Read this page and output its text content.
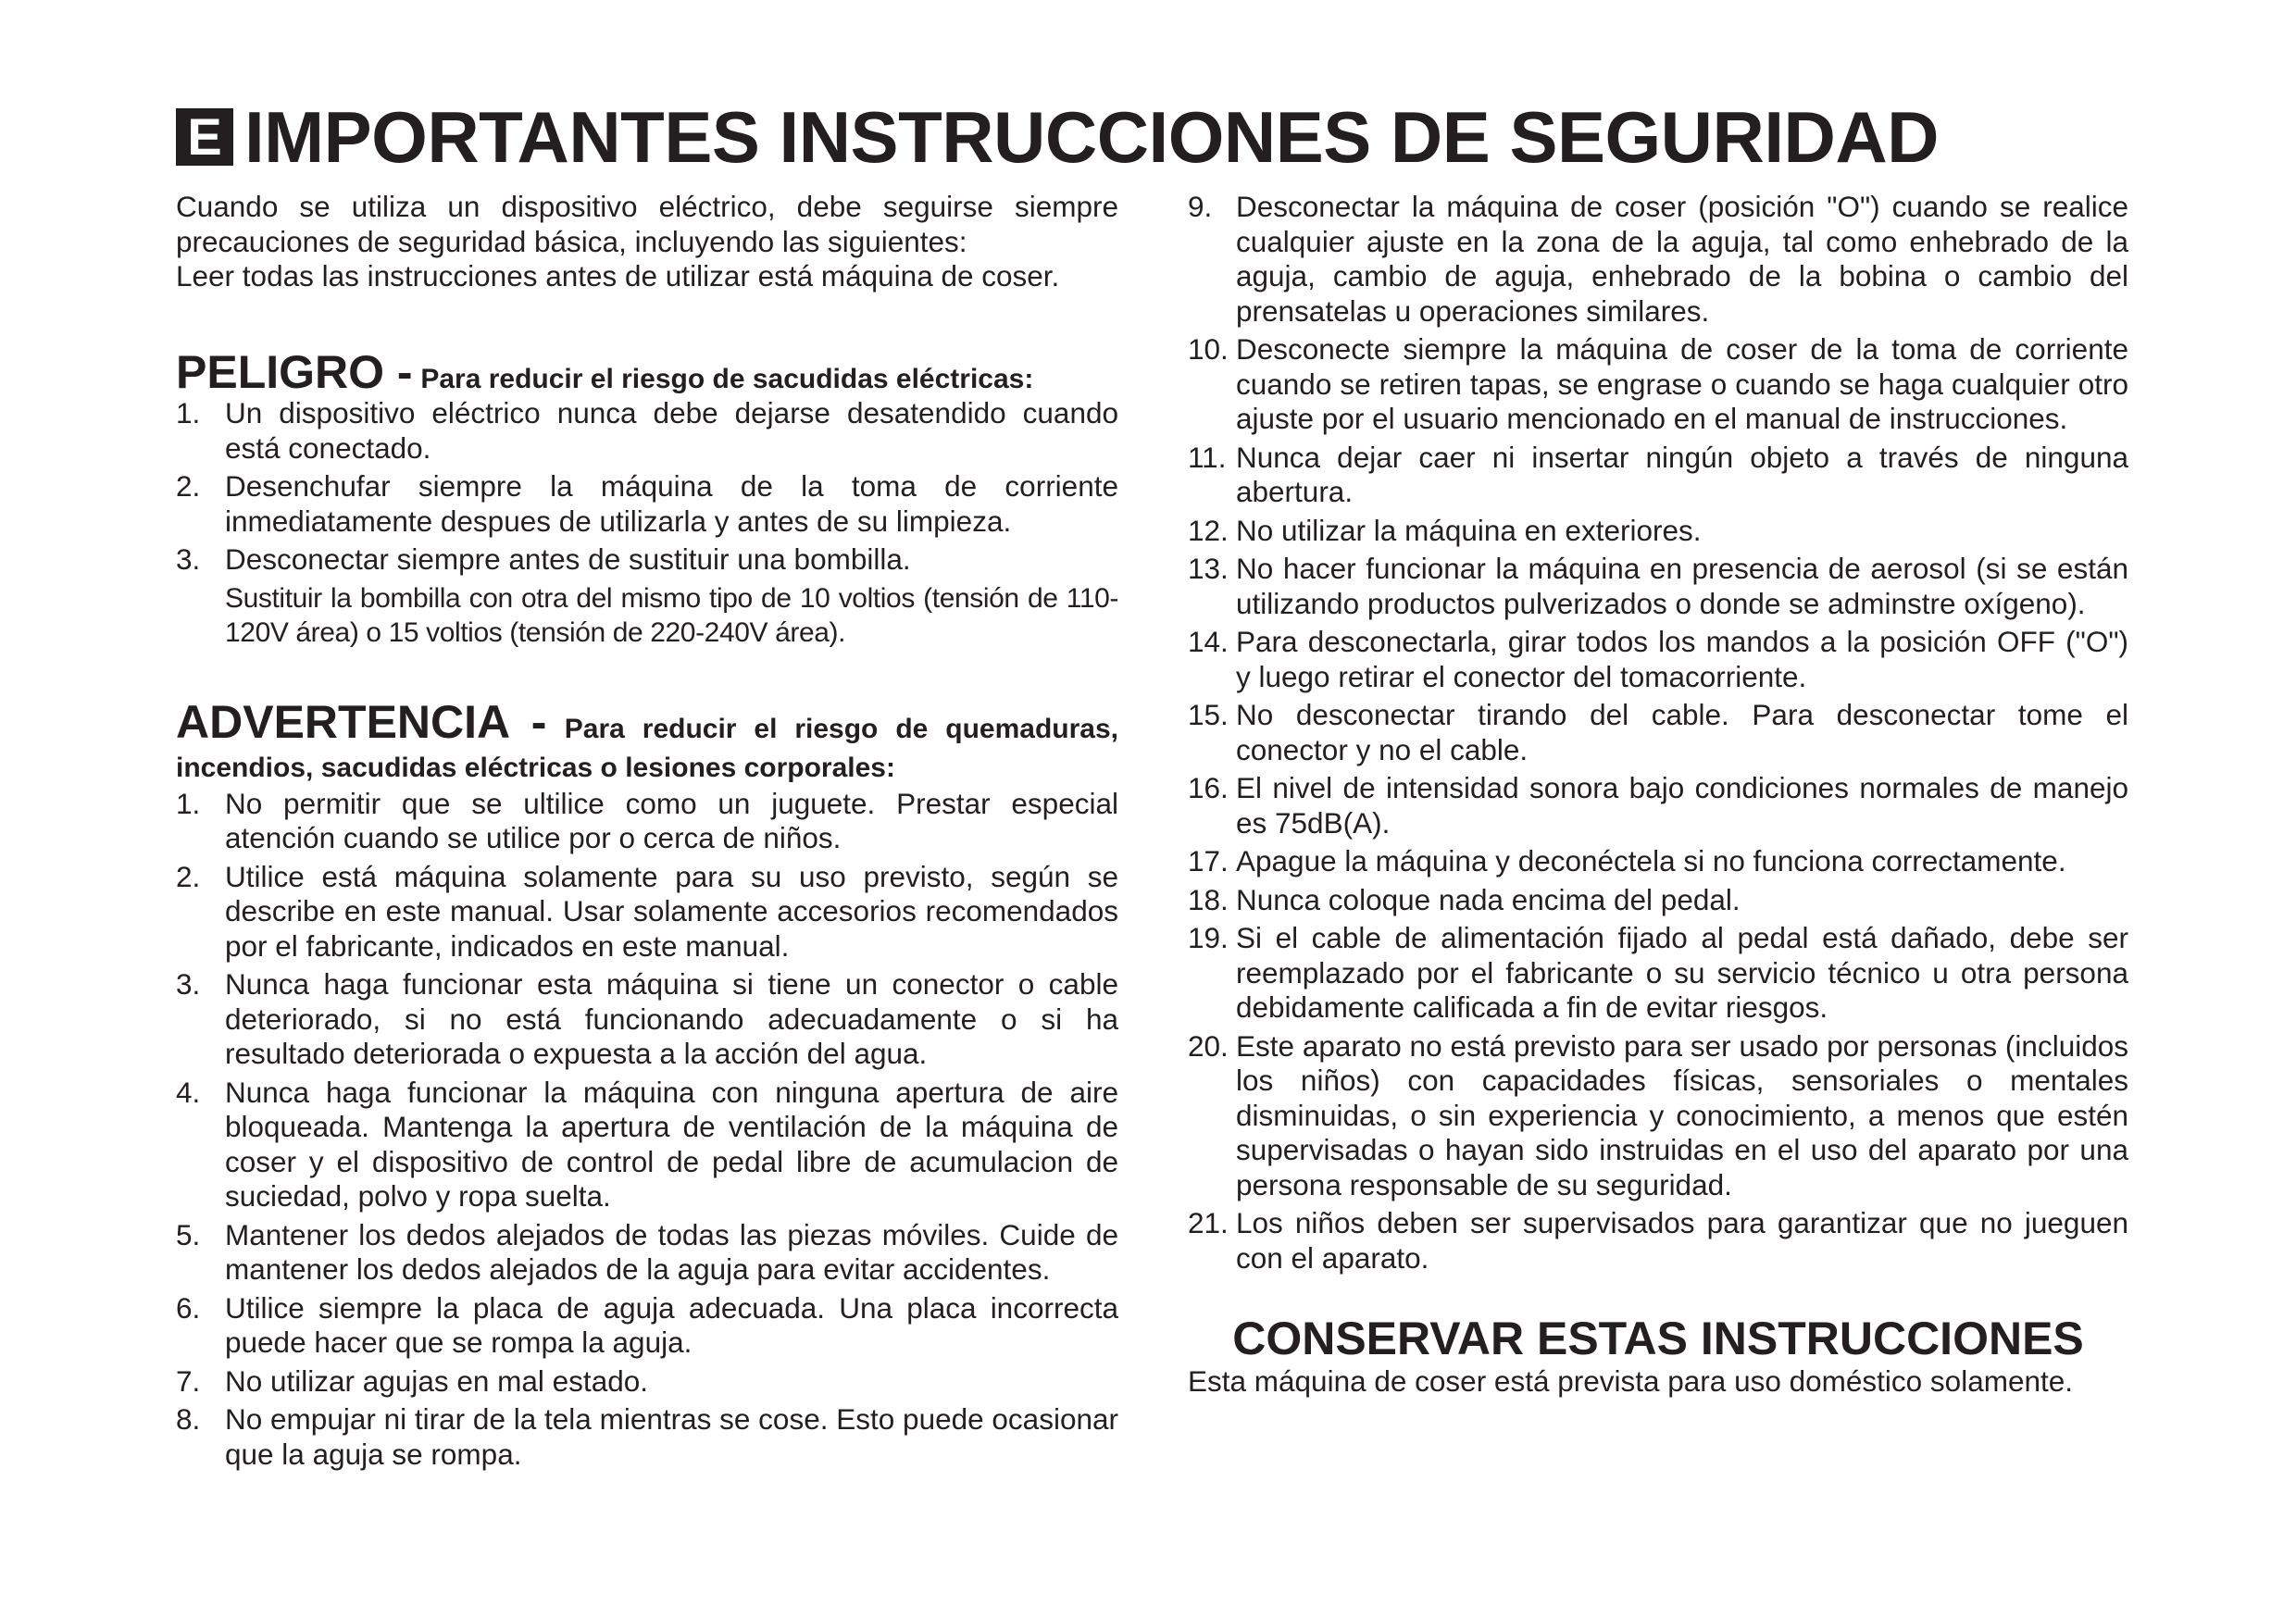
E IMPORTANTES INSTRUCCIONES DE SEGURIDAD

Cuando se utiliza un dispositivo eléctrico, debe seguirse siempre precauciones de seguridad básica, incluyendo las siguientes:

Leer todas las instrucciones antes de utilizar está máquina de coser.

PELIGRO - Para reducir el riesgo de sacudidas eléctricas:
1. Un dispositivo eléctrico nunca debe dejarse desatendido cuando está conectado.
2. Desenchufar siempre la máquina de la toma de corriente inmediatamente despues de utilizarla y antes de su limpieza.
3. Desconectar siempre antes de sustituir una bombilla.
Sustituir la bombilla con otra del mismo tipo de 10 voltios (tensión de 110-120V área) o 15 voltios (tensión de 220-240V área).
ADVERTENCIA - Para reducir el riesgo de quemaduras, incendios, sacudidas eléctricas o lesiones corporales:
1. No permitir que se ultilice como un juguete. Prestar especial atención cuando se utilice por o cerca de niños.
2. Utilice está máquina solamente para su uso previsto, según se describe en este manual. Usar solamente accesorios recomendados por el fabricante, indicados en este manual.
3. Nunca haga funcionar esta máquina si tiene un conector o cable deteriorado, si no está funcionando adecuadamente o si ha resultado deteriorada o expuesta a la acción del agua.
4. Nunca haga funcionar la máquina con ninguna apertura de aire bloqueada. Mantenga la apertura de ventilación de la máquina de coser y el dispositivo de control de pedal libre de acumulacion de suciedad, polvo y ropa suelta.
5. Mantener los dedos alejados de todas las piezas móviles. Cuide de mantener los dedos alejados de la aguja para evitar accidentes.
6. Utilice siempre la placa de aguja adecuada. Una placa incorrecta puede hacer que se rompa la aguja.
7. No utilizar agujas en mal estado.
8. No empujar ni tirar de la tela mientras se cose. Esto puede ocasionar que la aguja se rompa.
9. Desconectar la máquina de coser (posición "O") cuando se realice cualquier ajuste en la zona de la aguja, tal como enhebrado de la aguja, cambio de aguja, enhebrado de la bobina o cambio del prensatelas u operaciones similares.
10. Desconecte siempre la máquina de coser de la toma de corriente cuando se retiren tapas, se engrase o cuando se haga cualquier otro ajuste por el usuario mencionado en el manual de instrucciones.
11. Nunca dejar caer ni insertar ningún objeto a través de ninguna abertura.
12. No utilizar la máquina en exteriores.
13. No hacer funcionar la máquina en presencia de aerosol (si se están utilizando productos pulverizados o donde se adminstre oxígeno).
14. Para desconectarla, girar todos los mandos a la posición OFF ("O") y luego retirar el conector del tomacorriente.
15. No desconectar tirando del cable. Para desconectar tome el conector y no el cable.
16. El nivel de intensidad sonora bajo condiciones normales de manejo es 75dB(A).
17. Apague la máquina y deconéctela si no funciona correctamente.
18. Nunca coloque nada encima del pedal.
19. Si el cable de alimentación fijado al pedal está dañado, debe ser reemplazado por el fabricante o su servicio técnico u otra persona debidamente calificada a fin de evitar riesgos.
20. Este aparato no está previsto para ser usado por personas (incluidos los niños) con capacidades físicas, sensoriales o mentales disminuidas, o sin experiencia y conocimiento, a menos que estén supervisadas o hayan sido instruidas en el uso del aparato por una persona responsable de su seguridad.
21. Los niños deben ser supervisados para garantizar que no jueguen con el aparato.
CONSERVAR ESTAS INSTRUCCIONES
Esta máquina de coser está prevista para uso doméstico solamente.
